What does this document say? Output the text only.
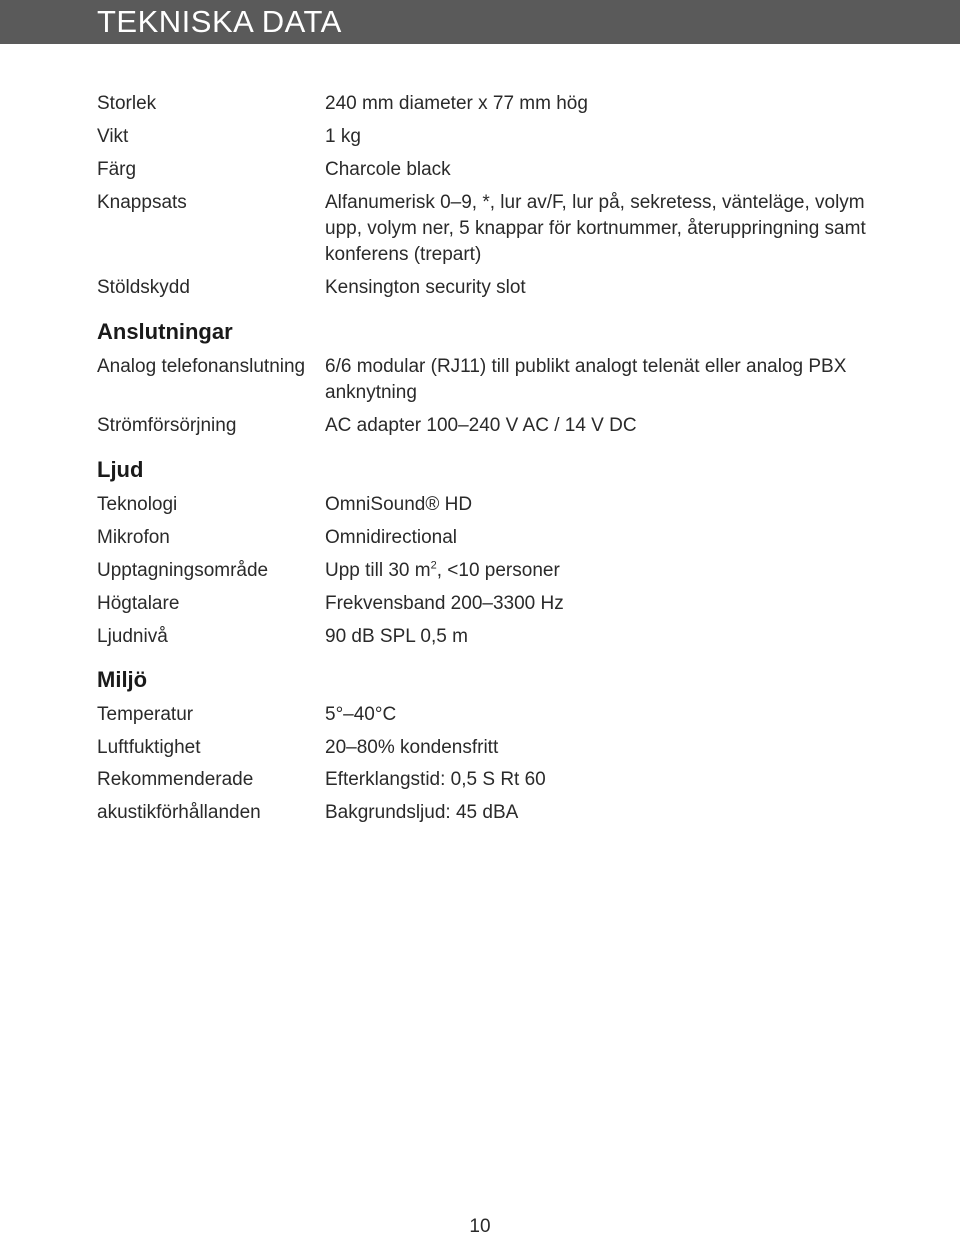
TEKNISKA DATA
Storlek	240 mm diameter x 77 mm hög
Vikt	1 kg
Färg	Charcole black
Knappsats	Alfanumerisk 0–9, *, lur av/F, lur på, sekretess, vänteläge, volym upp, volym ner, 5 knappar för kortnummer, återuppringning samt konferens (trepart)
Stöldskydd	Kensington security slot
Anslutningar
Analog telefonanslutning 6/6 modular (RJ11) till publikt analogt telenät eller analog PBX anknytning
Strömförsörjning	AC adapter 100–240 V AC / 14 V DC
Ljud
Teknologi	OmniSound® HD
Mikrofon	Omnidirectional
Upptagningsområde	Upp till 30 $m^2$, <10 personer
Högtalare	Frekvensband 200–3300 Hz
Ljudnivå	90 dB SPL 0,5 m
Miljö
Temperatur	5°–40°C
Luftfuktighet	20–80% kondensfritt
Rekommenderade	Efterklangstid: 0,5 S Rt 60
akustikförhållanden	Bakgrundsljud: 45 dBA
10
